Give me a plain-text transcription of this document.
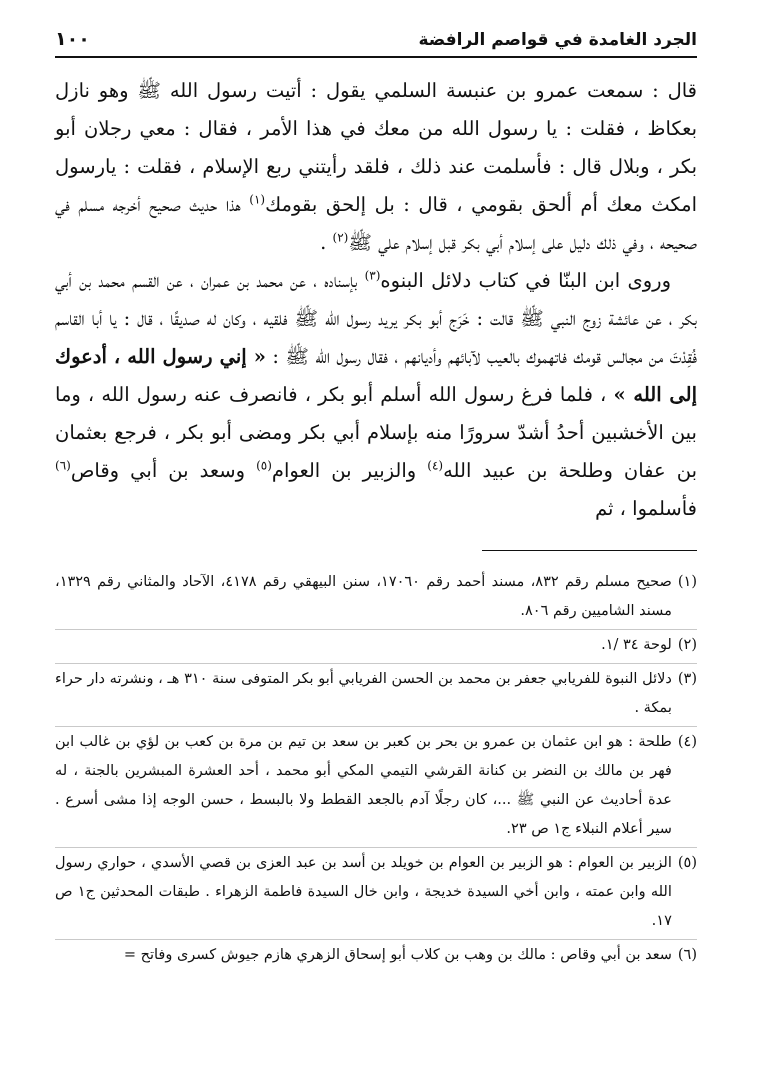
الجرد الغامدة في قواصم الرافضة
١٠٠

قال : سمعت عمرو بن عنبسة السلمي يقول : أتيت رسول الله ﷺ وهو نازل بعكاظ ، فقلت : يا رسول الله من معك في هذا الأمر ، فقال : معي رجلان أبو بكر ، وبلال قال : فأسلمت عند ذلك ، فلقد رأيتني ربع الإسلام ، فقلت : يارسول امكث معك أم ألحق بقومي ، قال : بل إلحق بقومك$^{(١)}$ هذا حديث صحيح أخرجه مسلم في صحيحه ، وفي ذلك دليل على إسلام أبي بكر قبل إسلام علي ﷺ$^{(٢)}$ .

وروى ابن البنّا في كتاب دلائل البنوه$^{(٣)}$ بإسناده ، عن محمد بن عمران ، عن القسم محمد بن أبي بكر ، عن عائشة زوج النبي ﷺ قالت : خَرَج أبو بكر يريد رسول الله ﷺ فلقيه ، وكان له صديقًا ، قال : يا أبا القاسم فُقِدْتَ من مجالس قومك فاتهموك بالعيب لآبائهم وأديانهم ، فقال رسول الله ﷺ : « إني رسول الله ، أدعوك إلى الله » ، فلما فرغ رسول الله أسلم أبو بكر ، فانصرف عنه رسول الله ، وما بين الأخشبين أحدُ أشدّ سرورًا منه بإسلام أبي بكر ومضى أبو بكر ، فرجع بعثمان بن عفان وطلحة بن عبيد الله$^{(٤)}$ والزبير بن العوام$^{(٥)}$ وسعد بن أبي وقاص$^{(٦)}$ فأسلموا ، ثم

(١)
صحيح مسلم رقم ٨٣٢، مسند أحمد رقم ١٧٠٦٠، سنن البيهقي رقم ٤١٧٨، الآحاد والمثاني رقم ١٣٢٩، مسند الشاميين رقم ٨٠٦.
(٢)
لوحة ٣٤ /١.
(٣)
دلائل النبوة للفريابي جعفر بن محمد بن الحسن الفريابي أبو بكر المتوفى سنة ٣١٠ هـ ، ونشرته دار حراء بمكة .
(٤)
طلحة : هو ابن عثمان بن عمرو بن بحر بن كعبر بن سعد بن تيم بن مرة بن كعب بن لؤي بن غالب ابن فهر بن مالك بن النضر بن كنانة القرشي التيمي المكي أبو محمد ، أحد العشرة المبشرين بالجنة ، له عدة أحاديث عن النبي ﷺ ...، كان رجلًا آدم بالجعد القطط ولا بالبسط ، حسن الوجه إذا مشى أسرع . سير أعلام النبلاء ج١ ص ٢٣.
(٥)
الزبير بن العوام : هو الزبير بن العوام بن خويلد بن أسد بن عبد العزى بن قصي الأسدي ، حواري رسول الله وابن عمته ، وابن أخي السيدة خديجة ، وابن خال السيدة فاطمة الزهراء . طبقات المحدثين ج١ ص ١٧.
(٦)
سعد بن أبي وقاص : مالك بن وهب بن كلاب أبو إسحاق الزهري هازم جيوش كسرى وفاتح =
